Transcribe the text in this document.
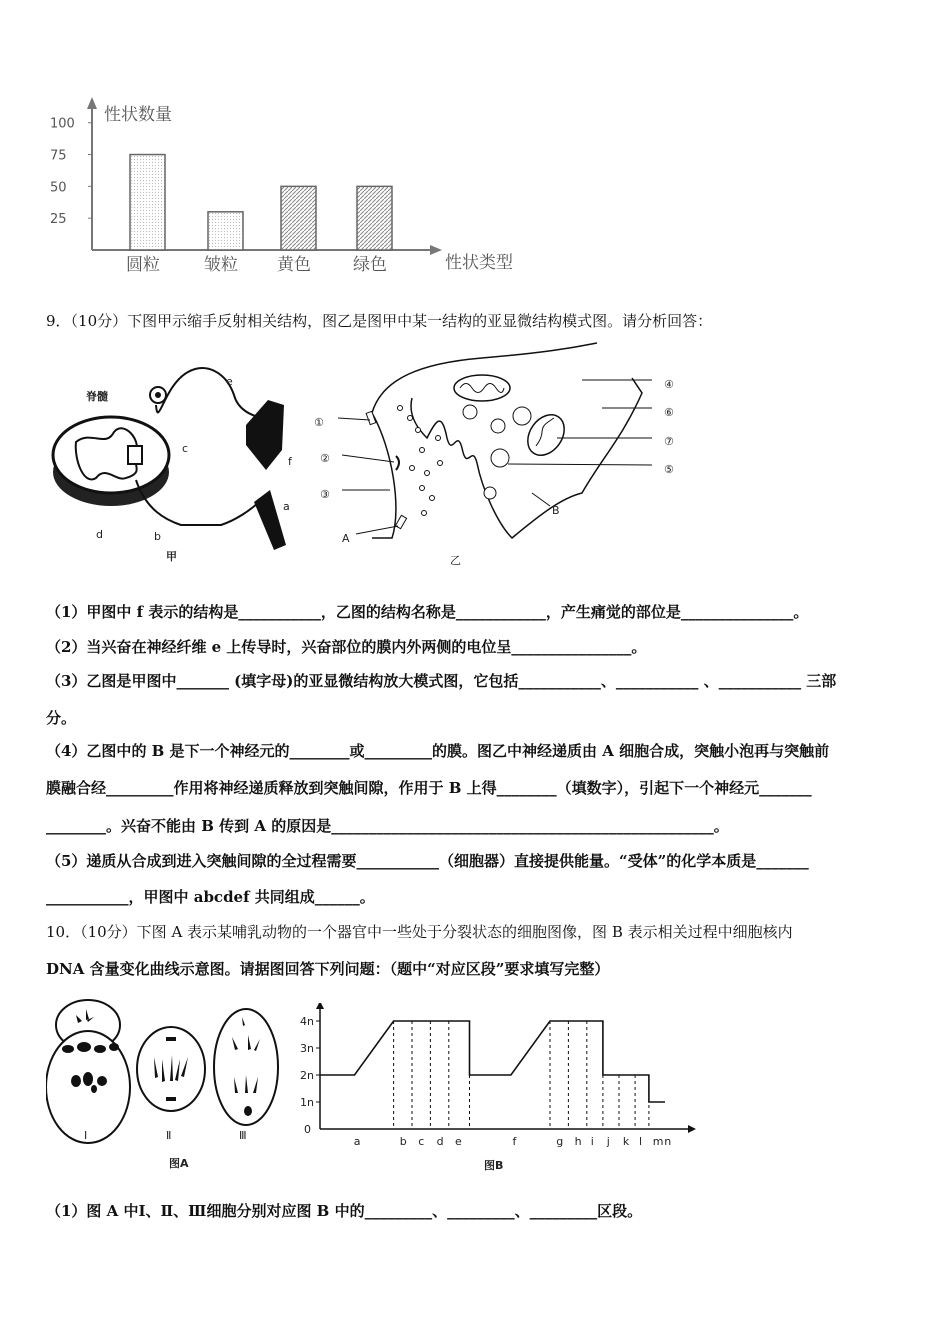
性状数量
性状类型
100
75
50
25
圆粒	皱粒 黄色 绿色
9．（10分）下图甲示缩手反射相关结构，图乙是图甲中某一结构的亚显微结构模式图。请分析回答：
脊髓
a
b
c
d
e
f
甲
①
②
③
④
⑤
⑥
⑦
A
B
乙
（1）甲图中 f 表示的结构是___________，乙图的结构名称是____________，产生痛觉的部位是_______________。
（2）当兴奋在神经纤维 e 上传导时，兴奋部位的膜内外两侧的电位呈________________。
（3）乙图是甲图中_______ (填字母)的亚显微结构放大模式图，它包括___________、___________ 、___________ 三部
分。
（4）乙图中的 B 是下一个神经元的________或_________的膜。图乙中神经递质由 A 细胞合成，突触小泡再与突触前
膜融合经_________作用将神经递质释放到突触间隙，作用于 B 上得________（填数字），引起下一个神经元_______
________。兴奋不能由 B 传到 A 的原因是___________________________________________________。
（5）递质从合成到进入突触间隙的全过程需要___________（细胞器）直接提供能量。“受体”的化学本质是_______
___________，甲图中 abcdef 共同组成______。
10．（10分）下图 A 表示某哺乳动物的一个器官中一些处于分裂状态的细胞图像，图 B 表示相关过程中细胞核内
DNA 含量变化曲线示意图。请据图回答下列问题：（题中“对应区段”要求填写完整）
Ⅰ	Ⅱ	Ⅲ
图A
4n
3n
2n
1n
0
a	b c d e	f	g h i j k l m n
图B
（1）图 A 中Ⅰ、Ⅱ、Ⅲ细胞分别对应图 B 中的_________、_________、_________区段。
